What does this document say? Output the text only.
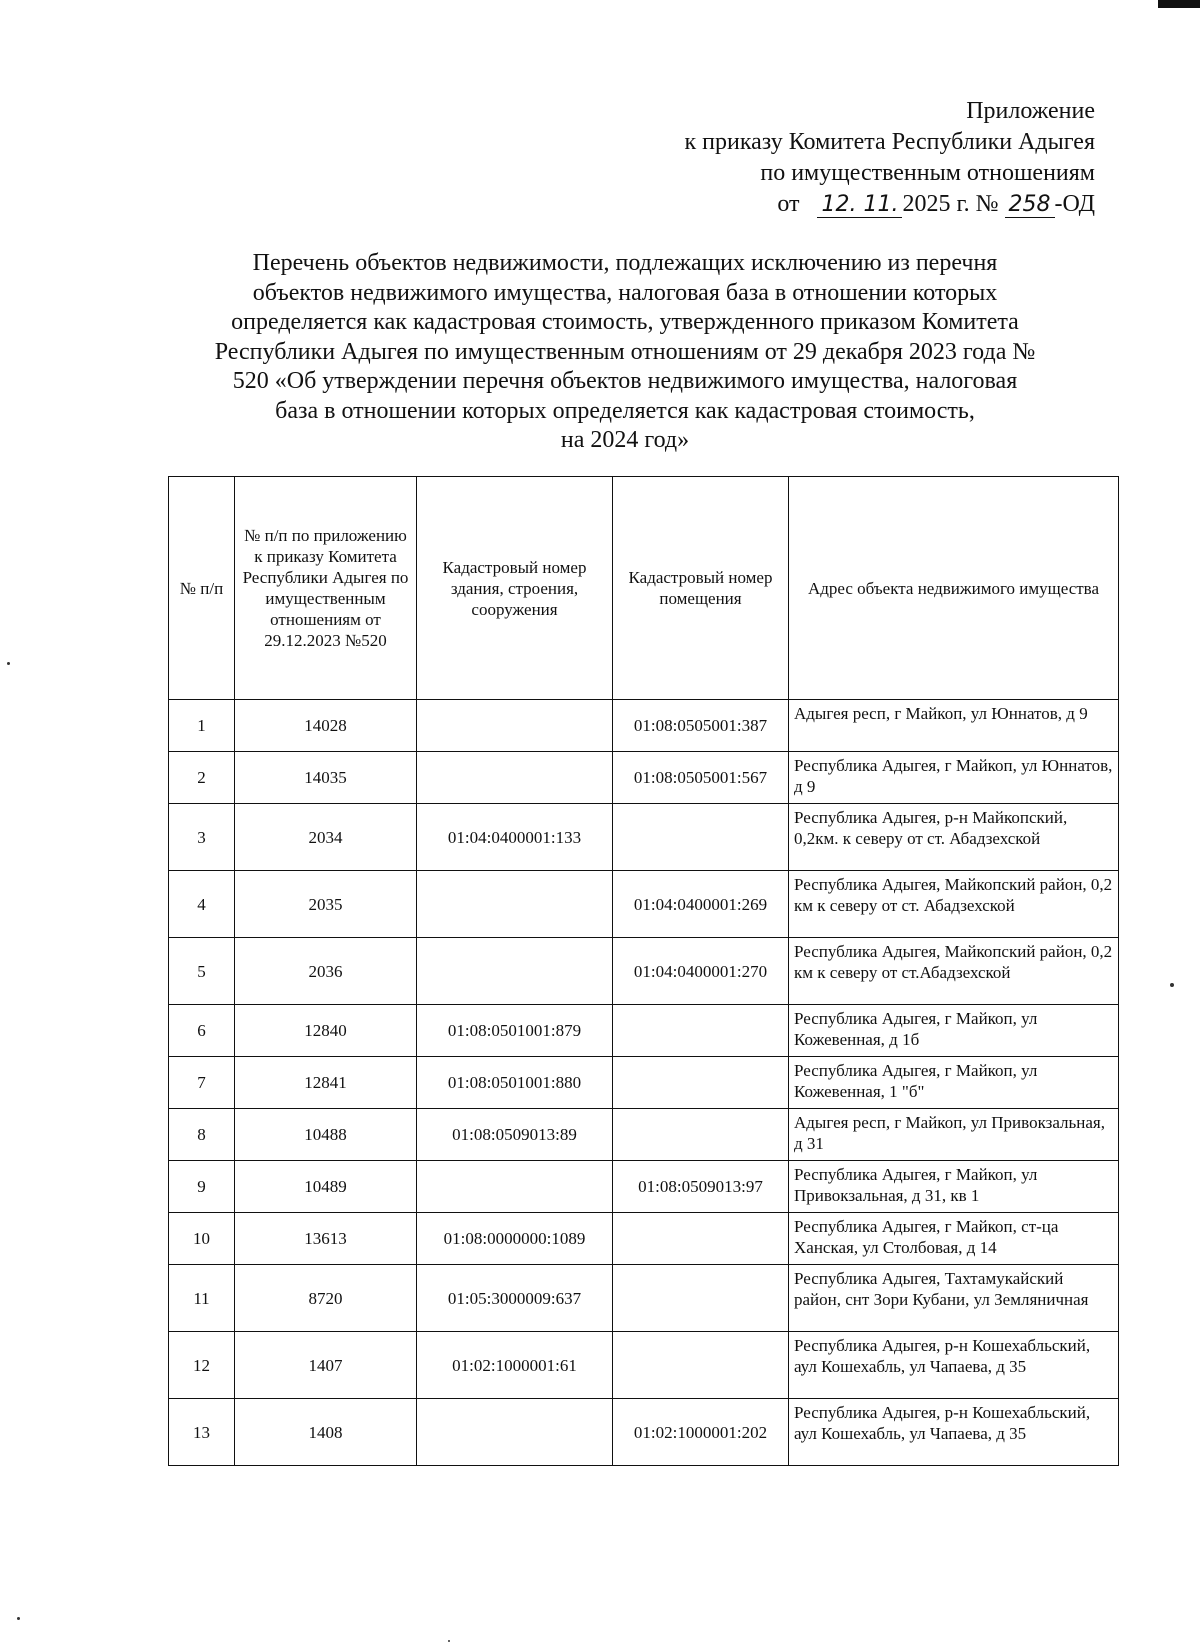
Приложение
к приказу Комитета Республики Адыгея
по имущественным отношениям
от 12. 11. 2025 г. № 258 -ОД
Перечень объектов недвижимости, подлежащих исключению из перечня
объектов недвижимого имущества, налоговая база в отношении которых
определяется как кадастровая стоимость, утвержденного приказом Комитета
Республики Адыгея по имущественным отношениям от 29 декабря 2023 года №
520 «Об утверждении перечня объектов недвижимого имущества, налоговая
база в отношении которых определяется как кадастровая стоимость,
на 2024 год»
№ п/п	№ п/п по приложению к приказу Комитета Республики Адыгея по имущественным отношениям от 29.12.2023 №520	Кадастровый номер здания, строения, сооружения	Кадастровый номер помещения	Адрес объекта недвижимого имущества
1	14028		01:08:0505001:387	Адыгея респ, г Майкоп, ул Юннатов, д 9
2	14035		01:08:0505001:567	Республика Адыгея, г Майкоп, ул Юннатов, д 9
3	2034	01:04:0400001:133		Республика Адыгея, р-н Майкопский, 0,2км. к северу от ст. Абадзехской
4	2035		01:04:0400001:269	Республика Адыгея, Майкопский район, 0,2 км к северу от ст. Абадзехской
5	2036		01:04:0400001:270	Республика Адыгея, Майкопский район, 0,2 км к северу от ст.Абадзехской
6	12840	01:08:0501001:879		Республика Адыгея, г Майкоп, ул Кожевенная, д 1б
7	12841	01:08:0501001:880		Республика Адыгея, г Майкоп, ул Кожевенная, 1 "б"
8	10488	01:08:0509013:89		Адыгея респ, г Майкоп, ул Привокзальная, д 31
9	10489		01:08:0509013:97	Республика Адыгея, г Майкоп, ул Привокзальная, д 31, кв 1
10	13613	01:08:0000000:1089		Республика Адыгея, г Майкоп, ст-ца Ханская, ул Столбовая, д 14
11	8720	01:05:3000009:637		Республика Адыгея, Тахтамукайский район, снт Зори Кубани, ул Земляничная
12	1407	01:02:1000001:61		Республика Адыгея, р-н Кошехабльский, аул Кошехабль, ул Чапаева, д 35
13	1408		01:02:1000001:202	Республика Адыгея, р-н Кошехабльский, аул Кошехабль, ул Чапаева, д 35
